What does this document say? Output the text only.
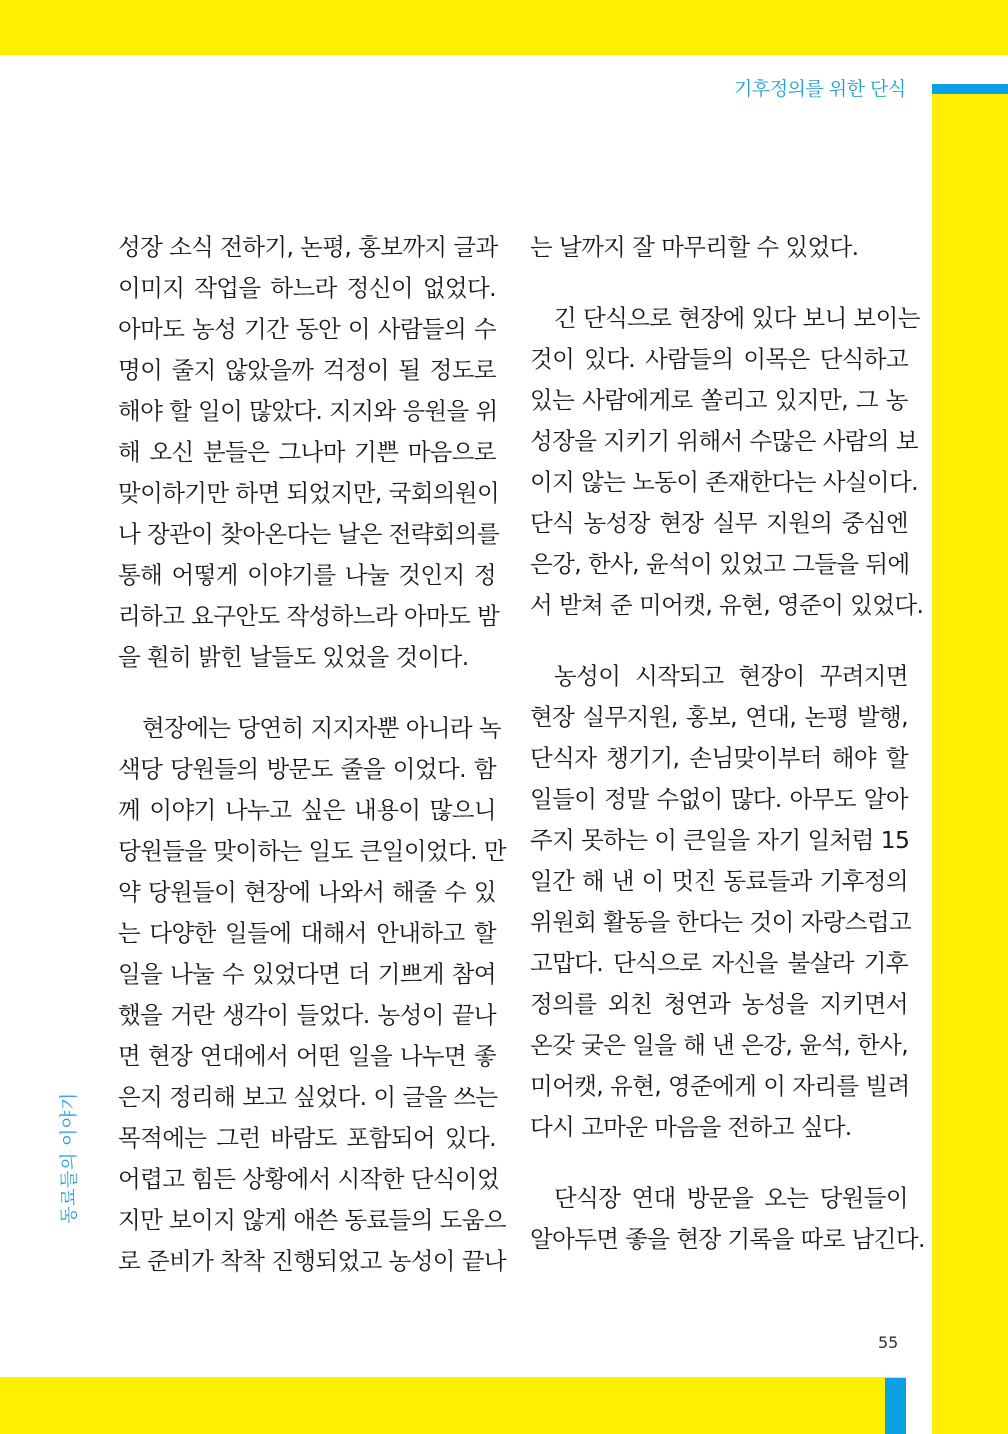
기후정의를 위한 단식
동료들의 이야기
성장 소식 전하기, 논평, 홍보까지 글과
이미지 작업을 하느라 정신이 없었다.
아마도 농성 기간 동안 이 사람들의 수
명이 줄지 않았을까 걱정이 될 정도로
해야 할 일이 많았다. 지지와 응원을 위
해 오신 분들은 그나마 기쁜 마음으로
맞이하기만 하면 되었지만, 국회의원이
나 장관이 찾아온다는 날은 전략회의를
통해 어떻게 이야기를 나눌 것인지 정
리하고 요구안도 작성하느라 아마도 밤
을 훤히 밝힌 날들도 있었을 것이다.
현장에는 당연히 지지자뿐 아니라 녹
색당 당원들의 방문도 줄을 이었다. 함
께 이야기 나누고 싶은 내용이 많으니
당원들을 맞이하는 일도 큰일이었다. 만
약 당원들이 현장에 나와서 해줄 수 있
는 다양한 일들에 대해서 안내하고 할
일을 나눌 수 있었다면 더 기쁘게 참여
했을 거란 생각이 들었다. 농성이 끝나
면 현장 연대에서 어떤 일을 나누면 좋
은지 정리해 보고 싶었다. 이 글을 쓰는
목적에는 그런 바람도 포함되어 있다.
어렵고 힘든 상황에서 시작한 단식이었
지만 보이지 않게 애쓴 동료들의 도움으
로 준비가 착착 진행되었고 농성이 끝나
는 날까지 잘 마무리할 수 있었다.
긴 단식으로 현장에 있다 보니 보이는
것이 있다. 사람들의 이목은 단식하고
있는 사람에게로 쏠리고 있지만, 그 농
성장을 지키기 위해서 수많은 사람의 보
이지 않는 노동이 존재한다는 사실이다.
단식 농성장 현장 실무 지원의 중심엔
은강, 한사, 윤석이 있었고 그들을 뒤에
서 받쳐 준 미어캣, 유현, 영준이 있었다.
농성이 시작되고 현장이 꾸려지면
현장 실무지원, 홍보, 연대, 논평 발행,
단식자 챙기기, 손님맞이부터 해야 할
일들이 정말 수없이 많다. 아무도 알아
주지 못하는 이 큰일을 자기 일처럼 15
일간 해 낸 이 멋진 동료들과 기후정의
위원회 활동을 한다는 것이 자랑스럽고
고맙다. 단식으로 자신을 불살라 기후
정의를 외친 청연과 농성을 지키면서
온갖 궂은 일을 해 낸 은강, 윤석, 한사,
미어캣, 유현, 영준에게 이 자리를 빌려
다시 고마운 마음을 전하고 싶다.
단식장 연대 방문을 오는 당원들이
알아두면 좋을 현장 기록을 따로 남긴다.
55
